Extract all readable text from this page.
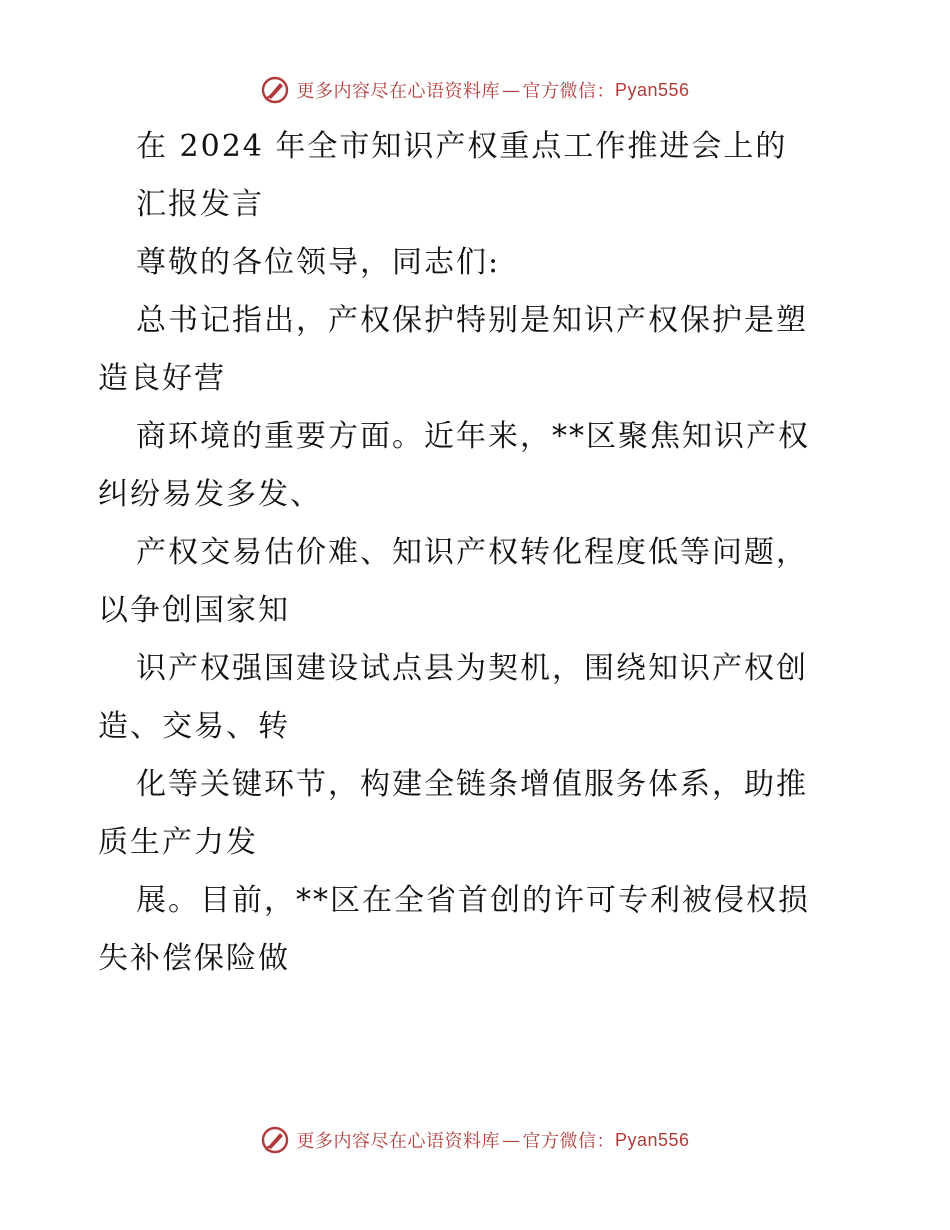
更多内容尽在心语资料库 — 官方微信： Pyan556
在 2024 年全市知识产权重点工作推进会上的
汇报发言
尊敬的各位领导，同志们:
总书记指出，产权保护特别是知识产权保护是塑
造良好营
商环境的重要方面。近年来，**区聚焦知识产权
纠纷易发多发、
产权交易估价难、知识产权转化程度低等问题，
以争创国家知
识产权强国建设试点县为契机，围绕知识产权创
造、交易、转
化等关键环节，构建全链条增值服务体系，助推
质生产力发
展。目前，**区在全省首创的许可专利被侵权损
失补偿保险做
更多内容尽在心语资料库 — 官方微信： Pyan556
